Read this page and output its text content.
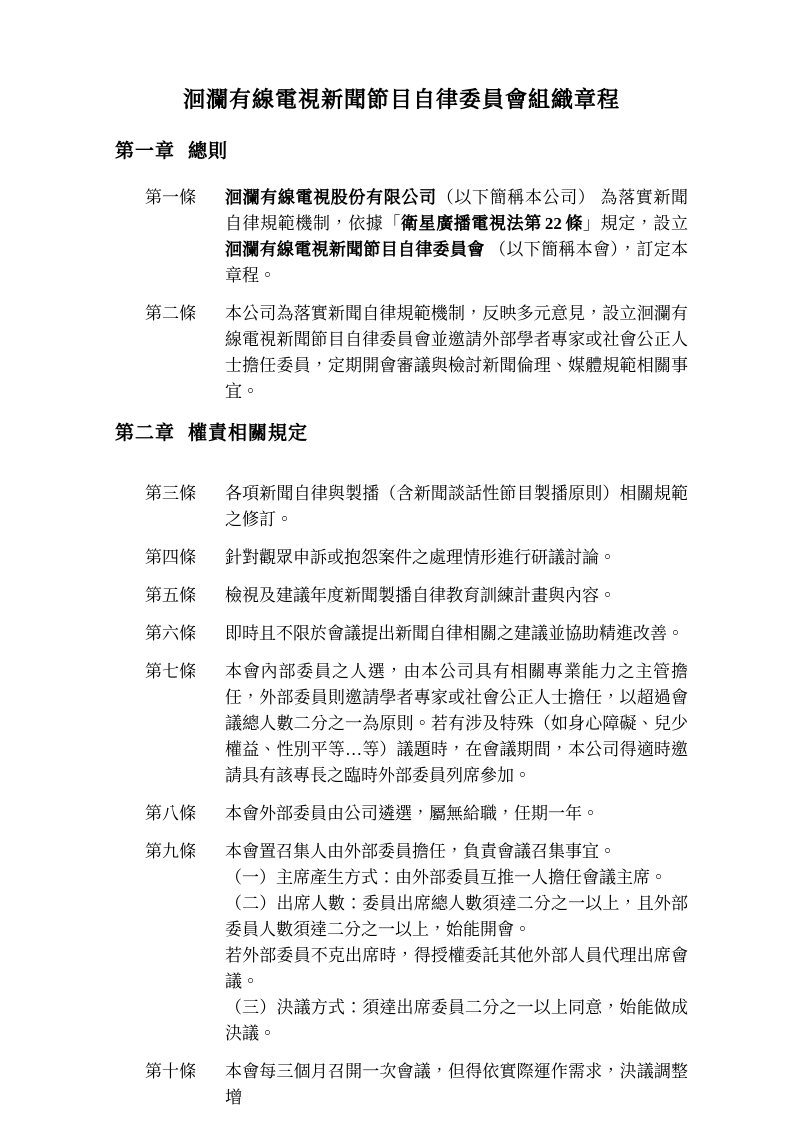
洄瀾有線電視新聞節目自律委員會組織章程
第一章 總則
第一條	洄瀾有線電視股份有限公司（以下簡稱本公司） 為落實新聞自律規範機制，依據「衛星廣播電視法第 22 條」規定，設立洄瀾有線電視新聞節目自律委員會 （以下簡稱本會），訂定本章程。

第二條	本公司為落實新聞自律規範機制，反映多元意見，設立洄瀾有線電視新聞節目自律委員會並邀請外部學者專家或社會公正人士擔任委員，定期開會審議與檢討新聞倫理、媒體規範相關事宜。

第二章 權責相關規定
第三條	各項新聞自律與製播（含新聞談話性節目製播原則）相關規範之修訂。

第四條	針對觀眾申訴或抱怨案件之處理情形進行研議討論。

第五條	檢視及建議年度新聞製播自律教育訓練計畫與內容。

第六條	即時且不限於會議提出新聞自律相關之建議並協助精進改善。

第七條	本會內部委員之人選，由本公司具有相關專業能力之主管擔任，外部委員則邀請學者專家或社會公正人士擔任，以超過會議總人數二分之一為原則。若有涉及特殊（如身心障礙、兒少權益、性別平等…等）議題時，在會議期間，本公司得適時邀請具有該專長之臨時外部委員列席參加。

第八條	本會外部委員由公司遴選，屬無給職，任期一年。

第九條	本會置召集人由外部委員擔任，負責會議召集事宜。

（一）主席產生方式：由外部委員互推一人擔任會議主席。

（二）出席人數：委員出席總人數須達二分之一以上，且外部委員人數須達二分之一以上，始能開會。

若外部委員不克出席時，得授權委託其他外部人員代理出席會議。

（三）決議方式：須達出席委員二分之一以上同意，始能做成決議。

第十條	本會每三個月召開一次會議，但得依實際運作需求，決議調整增
